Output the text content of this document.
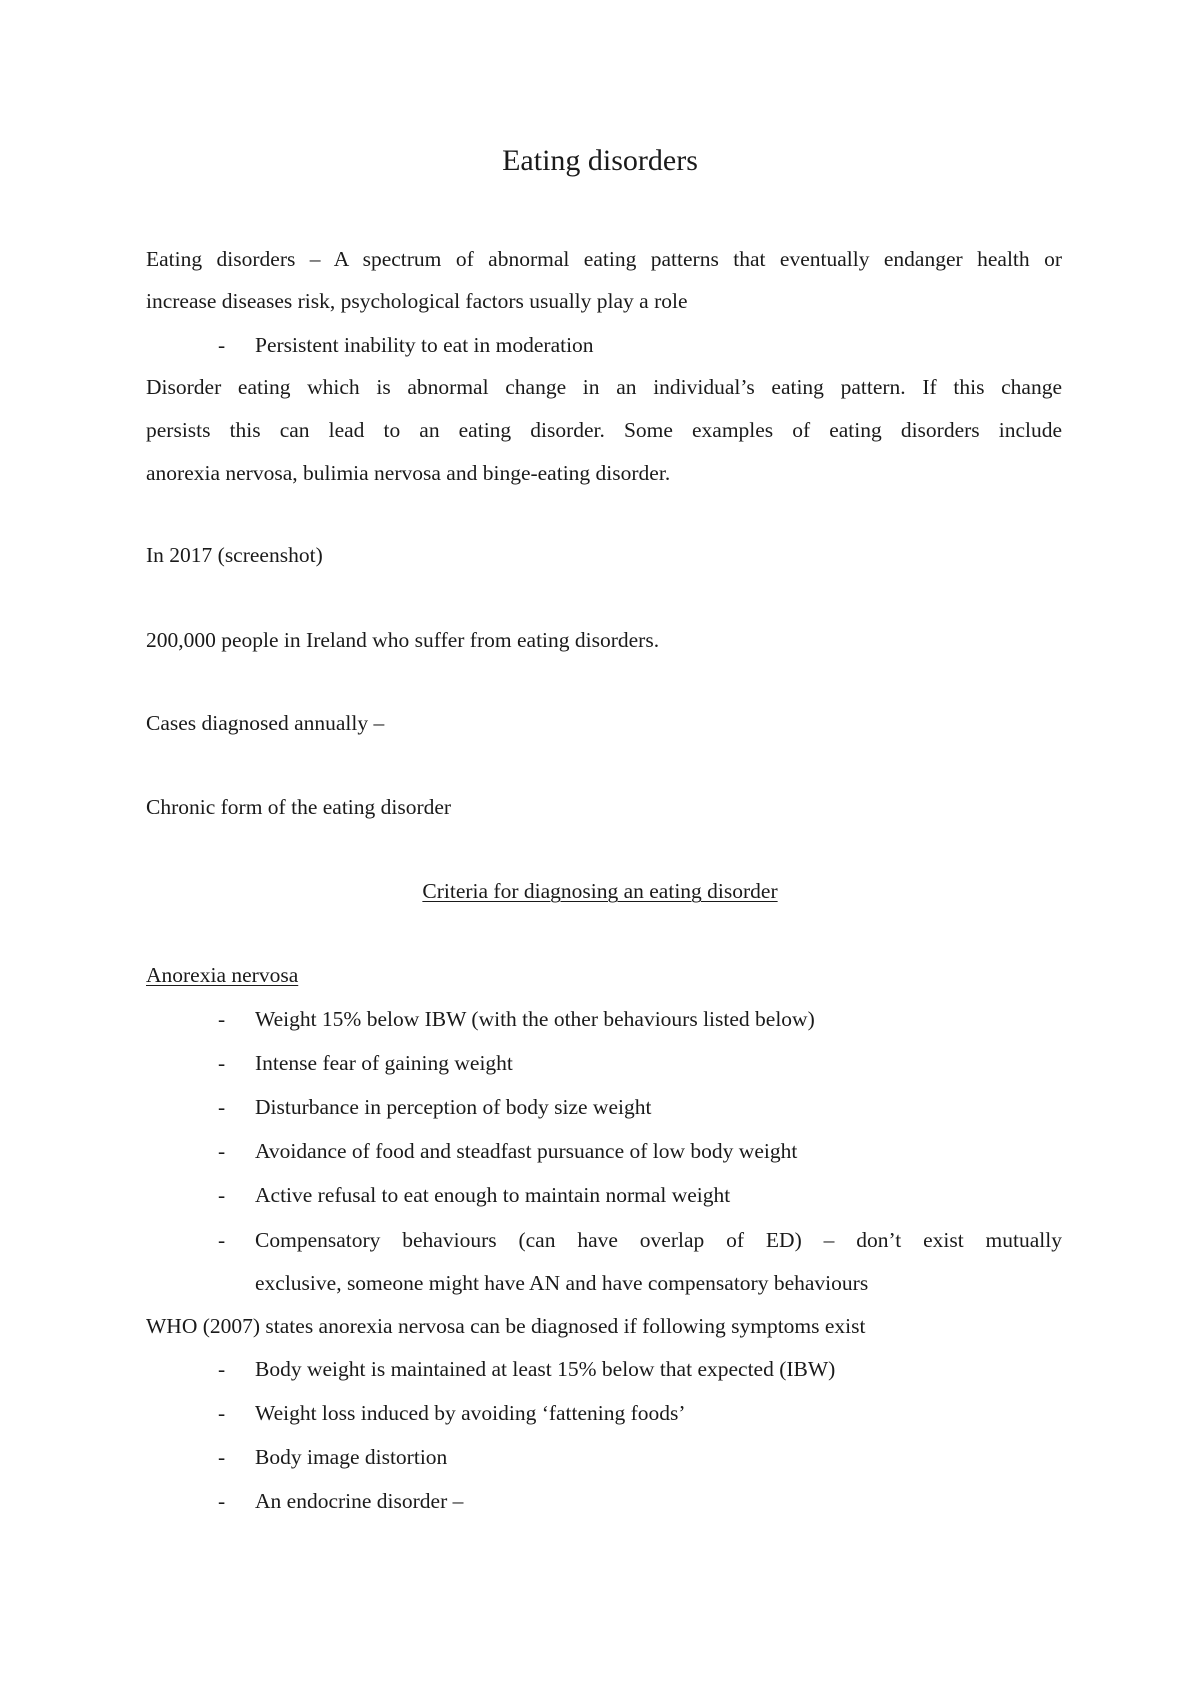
Eating disorders
Eating disorders – A spectrum of abnormal eating patterns that eventually endanger health or
increase diseases risk, psychological factors usually play a role
- Persistent inability to eat in moderation
Disorder eating which is abnormal change in an individual’s eating pattern. If this change
persists this can lead to an eating disorder. Some examples of eating disorders include
anorexia nervosa, bulimia nervosa and binge-eating disorder.
In 2017 (screenshot)
200,000 people in Ireland who suffer from eating disorders.
Cases diagnosed annually –
Chronic form of the eating disorder
Criteria for diagnosing an eating disorder
Anorexia nervosa
- Weight 15% below IBW (with the other behaviours listed below)
- Intense fear of gaining weight
- Disturbance in perception of body size weight
- Avoidance of food and steadfast pursuance of low body weight
- Active refusal to eat enough to maintain normal weight
- Compensatory behaviours (can have overlap of ED) – don’t exist mutually
exclusive, someone might have AN and have compensatory behaviours
WHO (2007) states anorexia nervosa can be diagnosed if following symptoms exist
- Body weight is maintained at least 15% below that expected (IBW)
- Weight loss induced by avoiding ‘fattening foods’
- Body image distortion
- An endocrine disorder –
